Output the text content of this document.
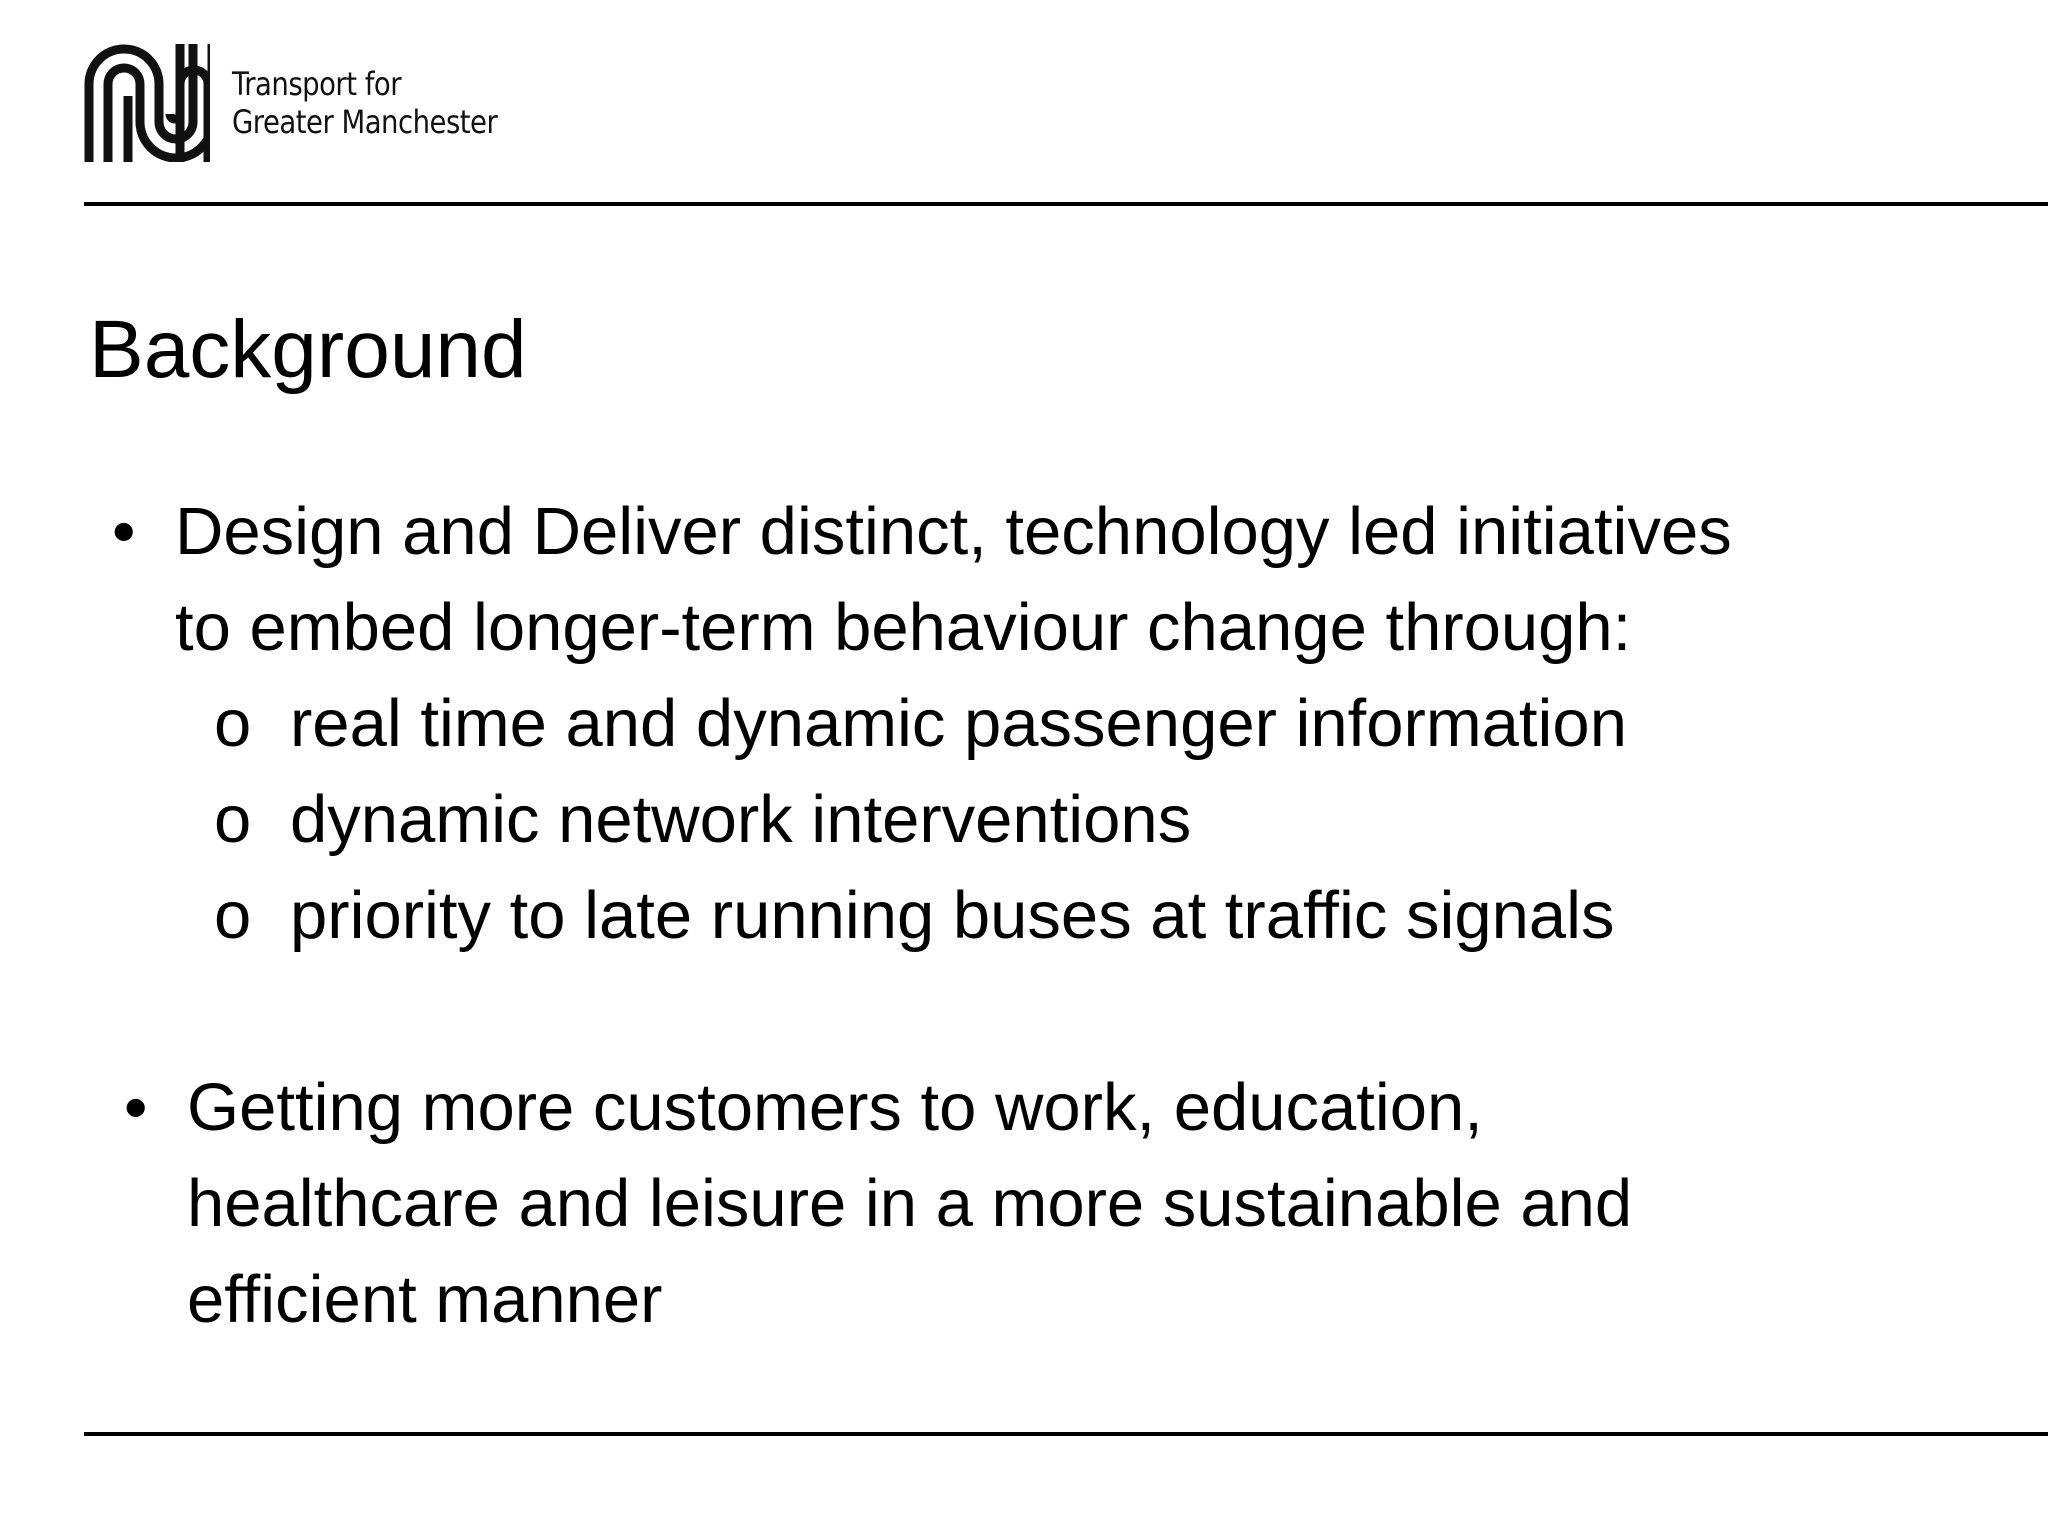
Transport for
Greater Manchester
Background
• Design and Deliver distinct, technology led initiatives

to embed longer-term behaviour change through:

o real time and dynamic passenger information
o dynamic network interventions
o priority to late running buses at traffic signals
• Getting more customers to work, education,

healthcare and leisure in a more sustainable and

efficient manner
